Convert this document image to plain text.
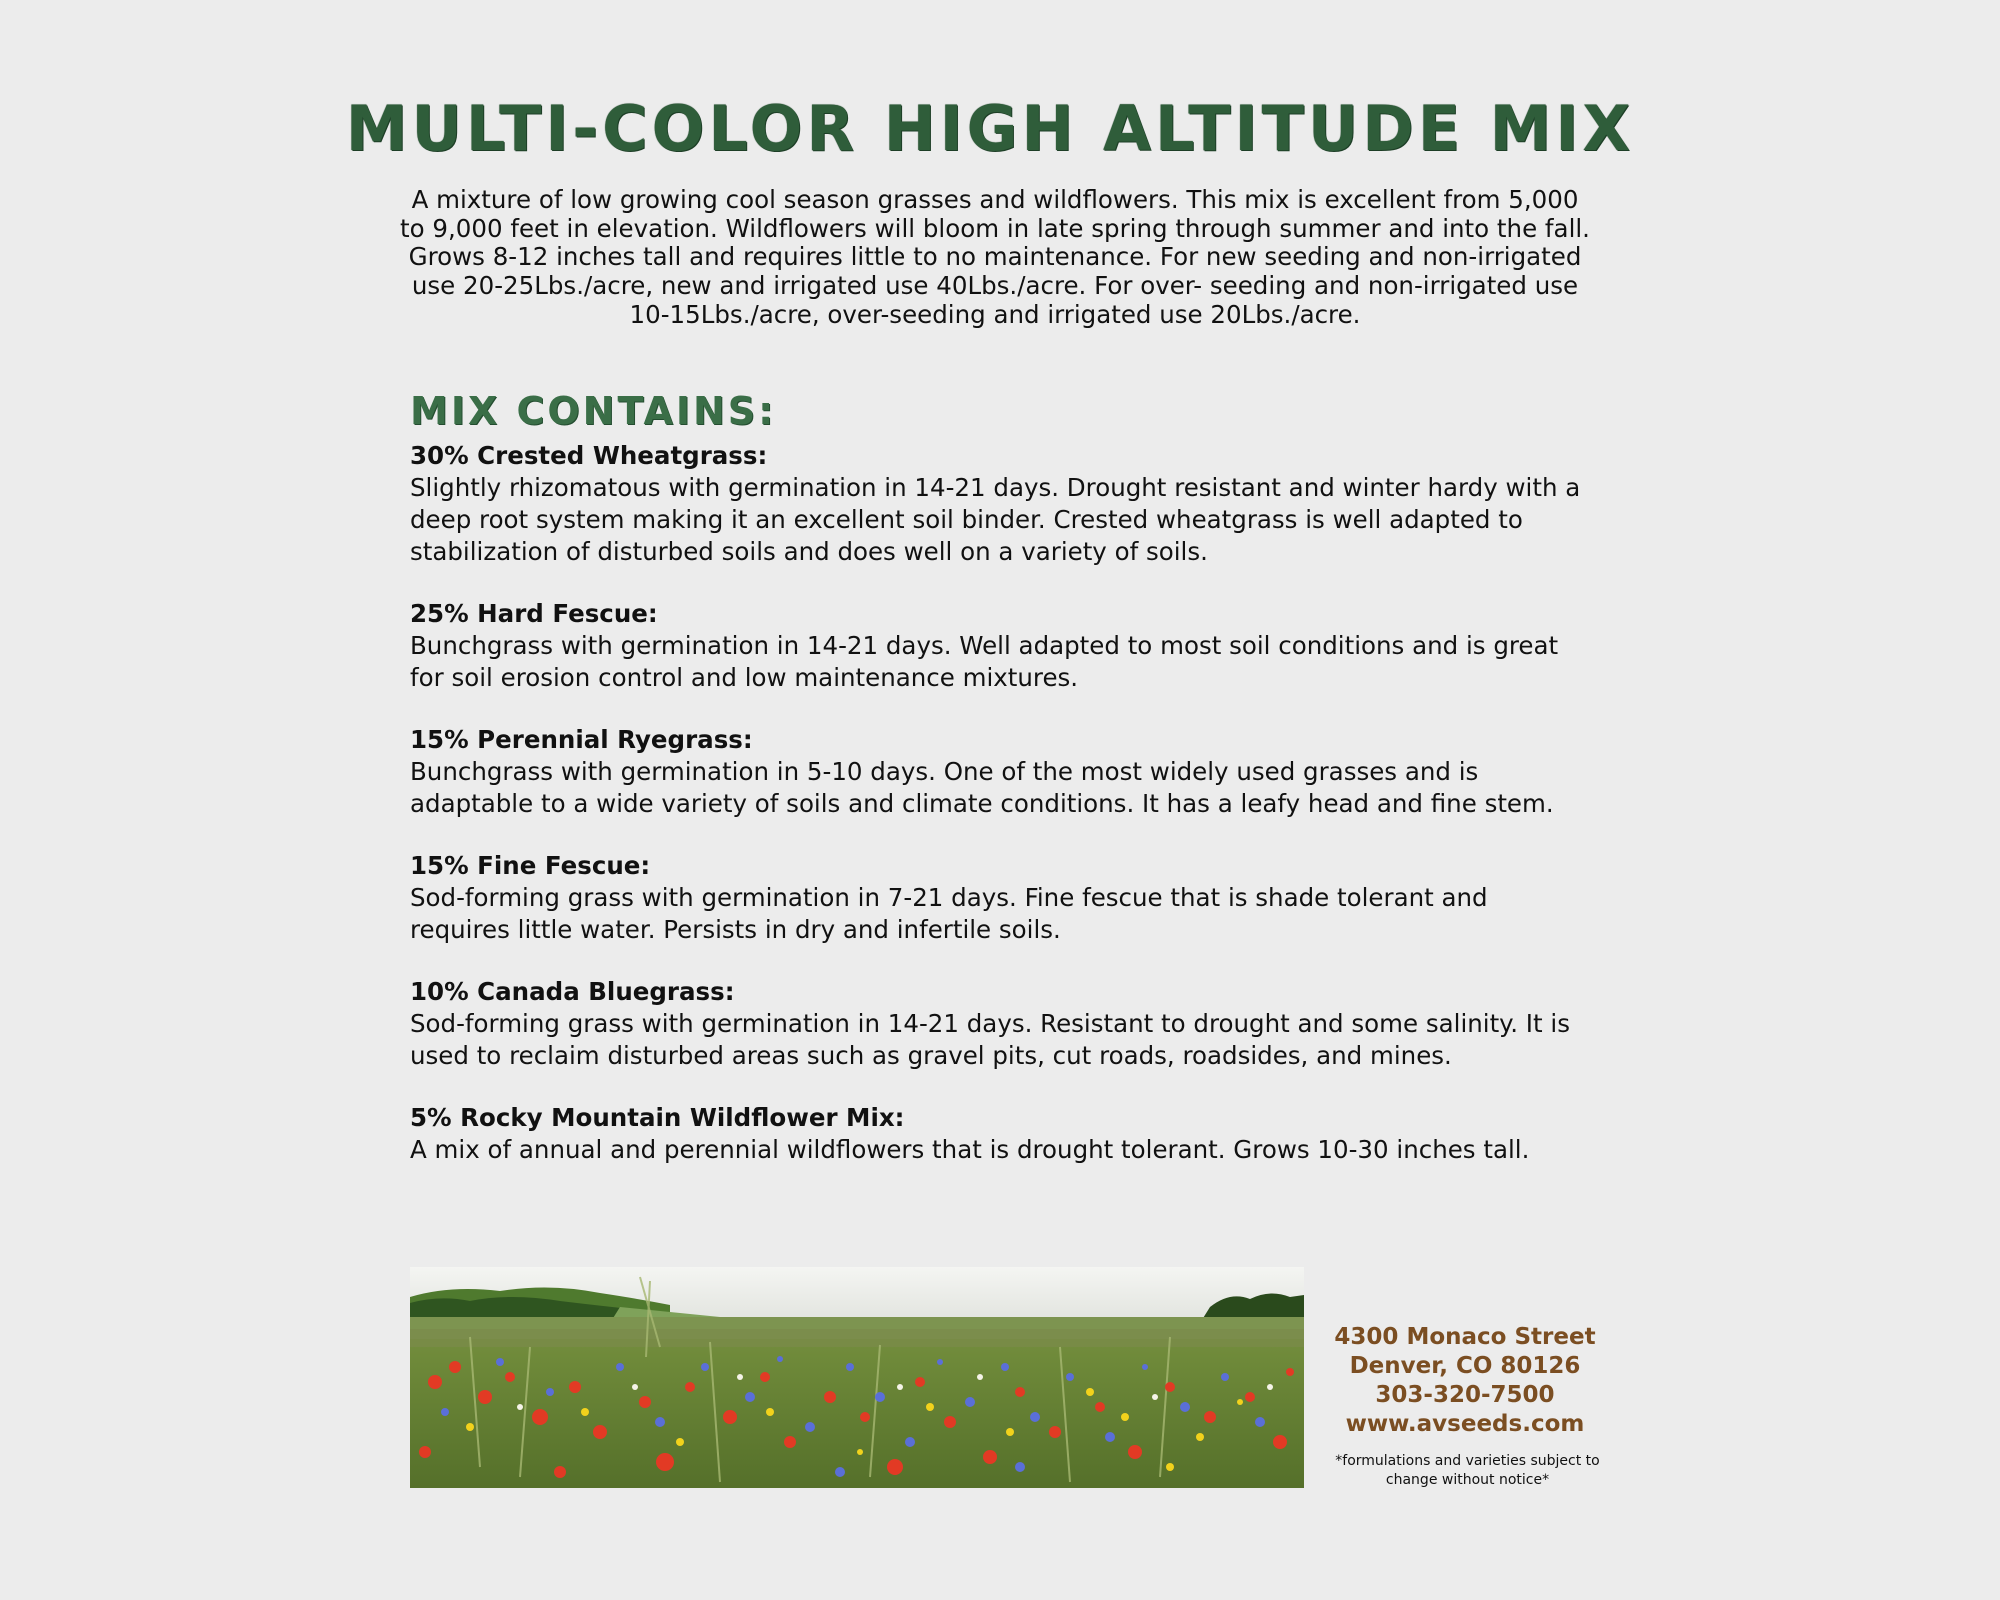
MULTI-COLOR HIGH ALTITUDE MIX
A mixture of low growing cool season grasses and wildflowers. This mix is excellent from 5,000 to 9,000 feet in elevation. Wildflowers will bloom in late spring through summer and into the fall. Grows 8-12 inches tall and requires little to no maintenance. For new seeding and non-irrigated use 20-25Lbs./acre, new and irrigated use 40Lbs./acre. For over- seeding and non-irrigated use 10-15Lbs./acre, over-seeding and irrigated use 20Lbs./acre.
MIX CONTAINS:
30% Crested Wheatgrass:
Slightly rhizomatous with germination in 14-21 days. Drought resistant and winter hardy with a deep root system making it an excellent soil binder. Crested wheatgrass is well adapted to stabilization of disturbed soils and does well on a variety of soils.
25% Hard Fescue:
Bunchgrass with germination in 14-21 days. Well adapted to most soil conditions and is great for soil erosion control and low maintenance mixtures.
15% Perennial Ryegrass:
Bunchgrass with germination in 5-10 days. One of the most widely used grasses and is adaptable to a wide variety of soils and climate conditions. It has a leafy head and fine stem.
15% Fine Fescue:
Sod-forming grass with germination in 7-21 days. Fine fescue that is shade tolerant and requires little water. Persists in dry and infertile soils.
10% Canada Bluegrass:
Sod-forming grass with germination in 14-21 days. Resistant to drought and some salinity. It is used to reclaim disturbed areas such as gravel pits, cut roads, roadsides, and mines.
5% Rocky Mountain Wildflower Mix:
A mix of annual and perennial wildflowers that is drought tolerant. Grows 10-30 inches tall.
4300 Monaco Street
Denver, CO 80126
303-320-7500
www.avseeds.com
*formulations and varieties subject to change without notice*
